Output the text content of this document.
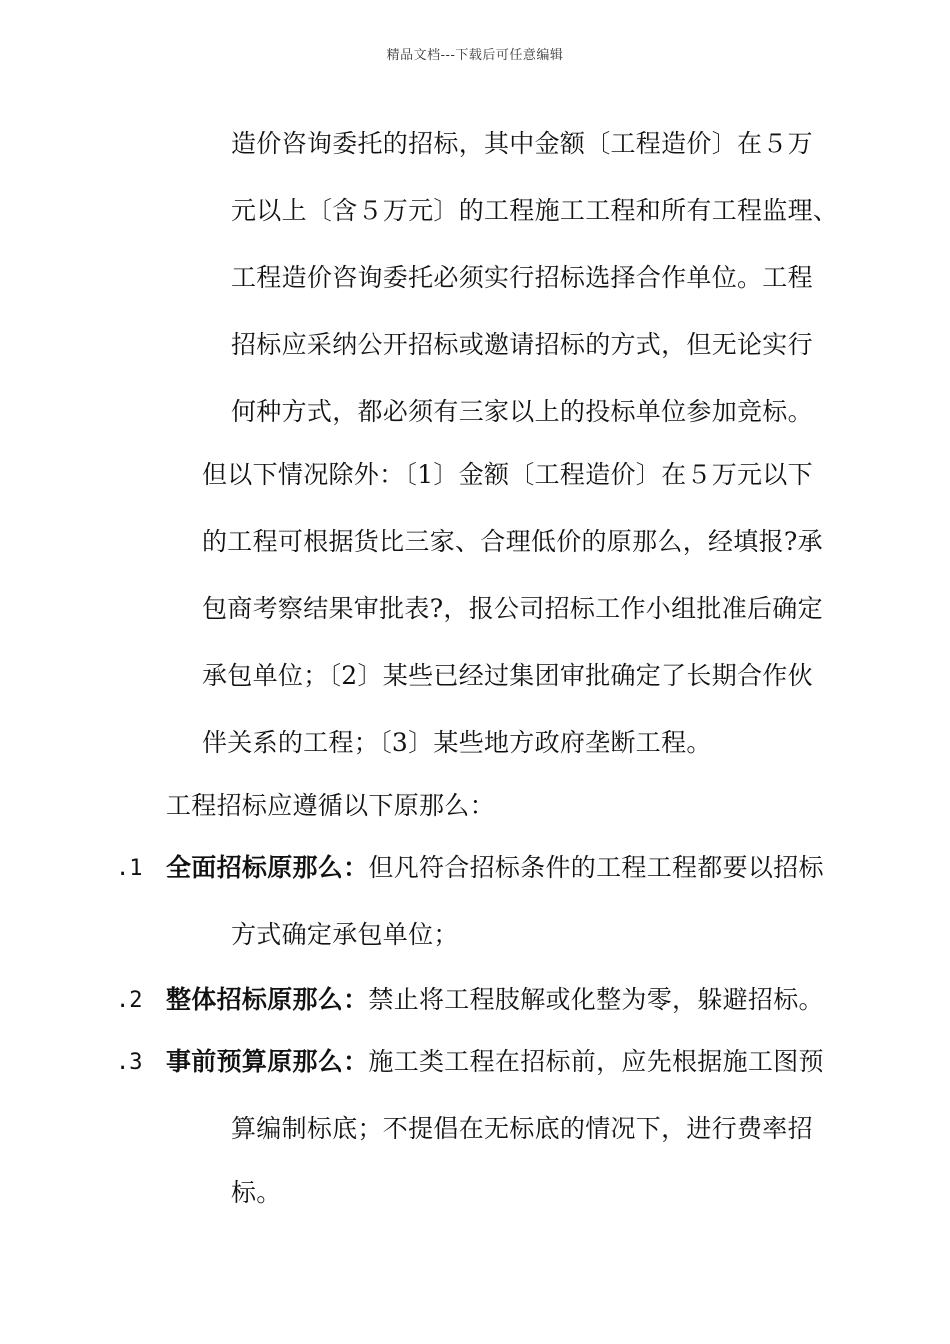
精品文档---下载后可任意编辑
造价咨询委托的招标，其中金额〔工程造价〕在５万
元以上〔含５万元〕的工程施工工程和所有工程监理、
工程造价咨询委托必须实行招标选择合作单位。工程
招标应采纳公开招标或邀请招标的方式，但无论实行
何种方式，都必须有三家以上的投标单位参加竞标。
但以下情况除外：〔1〕金额〔工程造价〕在５万元以下
的工程可根据货比三家、合理低价的原那么，经填报?承
包商考察结果审批表?，报公司招标工作小组批准后确定
承包单位；〔2〕某些已经过集团审批确定了长期合作伙
伴关系的工程；〔3〕某些地方政府垄断工程。
工程招标应遵循以下原那么：
.1 全面招标原那么：但凡符合招标条件的工程工程都要以招标
方式确定承包单位；
.2 整体招标原那么：禁止将工程肢解或化整为零，躲避招标。
.3 事前预算原那么：施工类工程在招标前，应先根据施工图预
算编制标底；不提倡在无标底的情况下，进行费率招
标。
